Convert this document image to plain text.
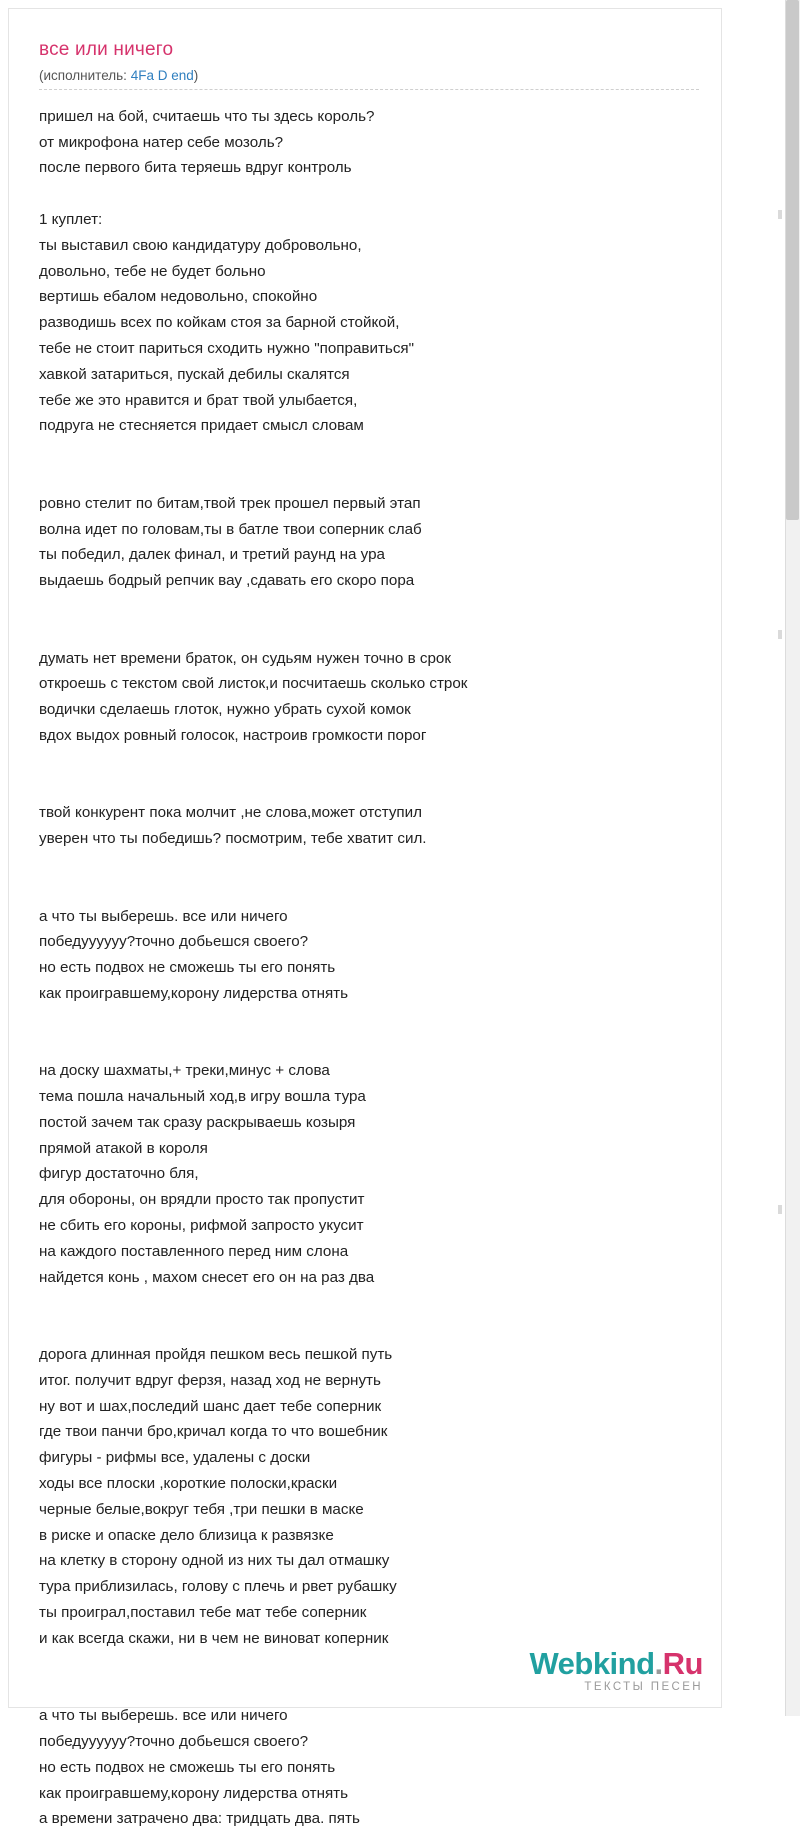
все или ничего
(исполнитель: 4Fa D end)
пришел на бой, считаешь что ты здесь король?
от микрофона натер себе мозоль?
после первого бита теряешь вдруг контроль

1 куплет:
ты выставил свою кандидатуру добровольно,
довольно, тебе не будет больно
вертишь ебалом недовольно, спокойно
разводишь всех по койкам стоя за барной стойкой,
тебе не стоит париться сходить нужно "поправиться"
хавкой затариться, пускай дебилы скалятся
тебе же это нравится и брат твой улыбается,
подруга не стесняется придает смысл словам

ровно стелит по битам,твой трек прошел первый этап
волна идет по головам,ты в батле твои соперник слаб
ты победил, далек финал, и третий раунд на ура
выдаешь бодрый репчик вау ,сдавать его скоро пора

думать нет времени браток, он судьям нужен точно в срок
откроешь с текстом свой листок,и посчитаешь сколько строк
водички сделаешь глоток, нужно убрать сухой комок
вдох выдох ровный голосок, настроив громкости порог

твой конкурент пока молчит ,не слова,может отступил
уверен что ты победишь? посмотрим, тебе хватит сил.

а что ты выберешь. все или ничего
победуууууу?точно добьешся своего?
но есть подвох не сможешь ты его понять
как проигравшему,корону лидерства отнять

на доску шахматы,+ треки,минус + слова
тема пошла начальный ход,в игру вошла тура
постой зачем так сразу раскрываешь козыря
прямой атакой в короля
фигур достаточно бля,
для обороны, он врядли просто так пропустит
не сбить его короны, рифмой запросто укусит
на каждого поставленного перед ним слона
найдется конь , махом снесет его он на раз два

дорога длинная пройдя пешком весь пешкой путь
итог. получит вдруг ферзя, назад ход не вернуть
ну вот и шах,последий шанс дает тебе соперник
где твои панчи бро,кричал когда то что вошебник
фигуры - рифмы все, удалены с доски
ходы все плоски ,короткие полоски,краски
черные белые,вокруг тебя ,три пешки в маске
в риске и опаске дело близица к развязке
на клетку в сторону одной из них ты дал отмашку
тура приблизилась, голову с плечь и рвет рубашку
ты проиграл,поставил тебе мат тебе соперник
и как всегда скажи, ни в чем не виноват коперник

а что ты выберешь. все или ничего
победуууууу?точно добьешся своего?
но есть подвох не сможешь ты его понять
как проигравшему,корону лидерства отнять
а времени затрачено два: тридцать два. пять
Webkind.Ru
ТЕКСТЫ ПЕСЕН
